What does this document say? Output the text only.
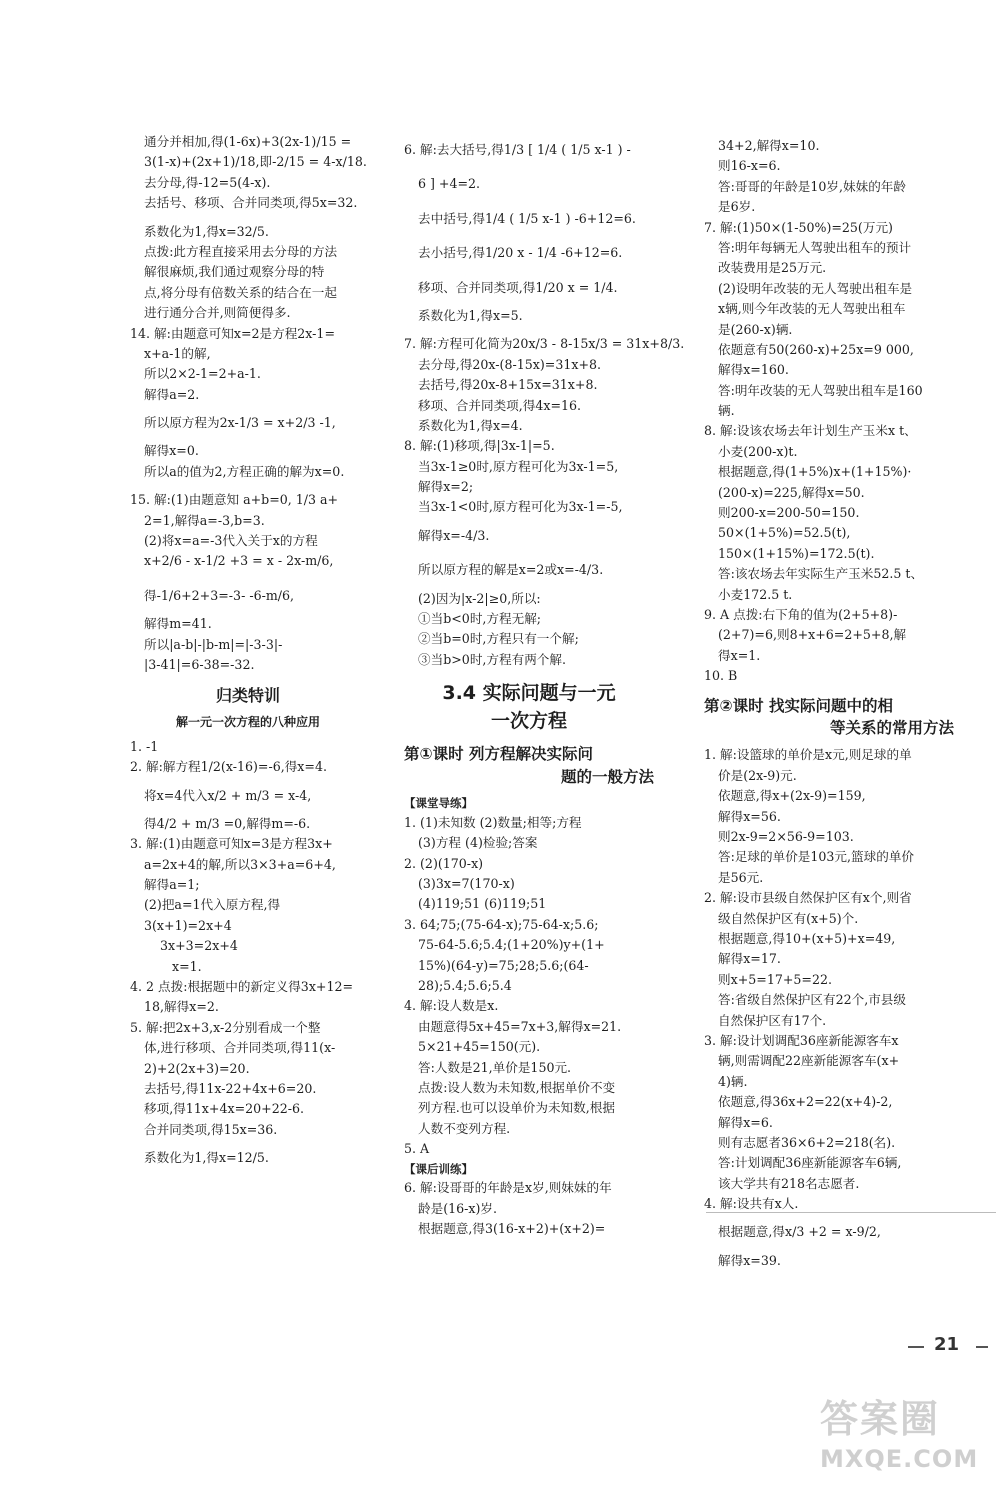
通分并相加,得(1-6x)+3(2x-1)/15 =
3(1-x)+(2x+1)/18,即-2/15 = 4-x/18.
去分母,得-12=5(4-x).
去括号、移项、合并同类项,得5x=32.
系数化为1,得x=32/5.
点拨:此方程直接采用去分母的方法
解很麻烦,我们通过观察分母的特
点,将分母有倍数关系的结合在一起
进行通分合并,则简便得多.
14. 解:由题意可知x=2是方程2x-1=
x+a-1的解,
所以2×2-1=2+a-1.
解得a=2.
所以原方程为2x-1/3 = x+2/3 -1,
解得x=0.
所以a的值为2,方程正确的解为x=0.
15. 解:(1)由题意知 a+b=0, 1/3 a+
2=1,解得a=-3,b=3.
(2)将x=a=-3代入关于x的方程
x+2/6 - x-1/2 +3 = x - 2x-m/6,
得-1/6+2+3=-3- -6-m/6,
解得m=41.
所以|a-b|-|b-m|=|-3-3|-
|3-41|=6-38=-32.
归类特训
解一元一次方程的八种应用
1. -1
2. 解:解方程1/2(x-16)=-6,得x=4.
将x=4代入x/2 + m/3 = x-4,
得4/2 + m/3 =0,解得m=-6.
3. 解:(1)由题意可知x=3是方程3x+
a=2x+4的解,所以3×3+a=6+4,
解得a=1;
(2)把a=1代入原方程,得
3(x+1)=2x+4
3x+3=2x+4
x=1.
4. 2 点拨:根据题中的新定义得3x+12=
18,解得x=2.
5. 解:把2x+3,x-2分别看成一个整
体,进行移项、合并同类项,得11(x-
2)+2(2x+3)=20.
去括号,得11x-22+4x+6=20.
移项,得11x+4x=20+22-6.
合并同类项,得15x=36.
系数化为1,得x=12/5.
6. 解:去大括号,得1/3 [ 1/4 ( 1/5 x-1 ) -
6 ] +4=2.
去中括号,得1/4 ( 1/5 x-1 ) -6+12=6.
去小括号,得1/20 x - 1/4 -6+12=6.
移项、合并同类项,得1/20 x = 1/4.
系数化为1,得x=5.
7. 解:方程可化简为20x/3 - 8-15x/3 = 31x+8/3.
去分母,得20x-(8-15x)=31x+8.
去括号,得20x-8+15x=31x+8.
移项、合并同类项,得4x=16.
系数化为1,得x=4.
8. 解:(1)移项,得|3x-1|=5.
当3x-1≥0时,原方程可化为3x-1=5,
解得x=2;
当3x-1<0时,原方程可化为3x-1=-5,
解得x=-4/3.
所以原方程的解是x=2或x=-4/3.
(2)因为|x-2|≥0,所以:
①当b<0时,方程无解;
②当b=0时,方程只有一个解;
③当b>0时,方程有两个解.
3.4 实际问题与一元
一次方程
第①课时 列方程解决实际问
题的一般方法
【课堂导练】
1. (1)未知数 (2)数量;相等;方程
(3)方程 (4)检验;答案
2. (2)(170-x)
(3)3x=7(170-x)
(4)119;51 (6)119;51
3. 64;75;(75-64-x);75-64-x;5.6;
75-64-5.6;5.4;(1+20%)y+(1+
15%)(64-y)=75;28;5.6;(64-
28);5.4;5.6;5.4
4. 解:设人数是x.
由题意得5x+45=7x+3,解得x=21.
5×21+45=150(元).
答:人数是21,单价是150元.
点拨:设人数为未知数,根据单价不变
列方程.也可以设单价为未知数,根据
人数不变列方程.
5. A
【课后训练】
6. 解:设哥哥的年龄是x岁,则妹妹的年
龄是(16-x)岁.
根据题意,得3(16-x+2)+(x+2)=
34+2,解得x=10.
则16-x=6.
答:哥哥的年龄是10岁,妹妹的年龄
是6岁.
7. 解:(1)50×(1-50%)=25(万元)
答:明年每辆无人驾驶出租车的预计
改装费用是25万元.
(2)设明年改装的无人驾驶出租车是
x辆,则今年改装的无人驾驶出租车
是(260-x)辆.
依题意有50(260-x)+25x=9 000,
解得x=160.
答:明年改装的无人驾驶出租车是160
辆.
8. 解:设该农场去年计划生产玉米x t、
小麦(200-x)t.
根据题意,得(1+5%)x+(1+15%)·
(200-x)=225,解得x=50.
则200-x=200-50=150.
50×(1+5%)=52.5(t),
150×(1+15%)=172.5(t).
答:该农场去年实际生产玉米52.5 t、
小麦172.5 t.
9. A 点拨:右下角的值为(2+5+8)-
(2+7)=6,则8+x+6=2+5+8,解
得x=1.
10. B
第②课时 找实际问题中的相
等关系的常用方法
1. 解:设篮球的单价是x元,则足球的单
价是(2x-9)元.
依题意,得x+(2x-9)=159,
解得x=56.
则2x-9=2×56-9=103.
答:足球的单价是103元,篮球的单价
是56元.
2. 解:设市县级自然保护区有x个,则省
级自然保护区有(x+5)个.
根据题意,得10+(x+5)+x=49,
解得x=17.
则x+5=17+5=22.
答:省级自然保护区有22个,市县级
自然保护区有17个.
3. 解:设计划调配36座新能源客车x
辆,则需调配22座新能源客车(x+
4)辆.
依题意,得36x+2=22(x+4)-2,
解得x=6.
则有志愿者36×6+2=218(名).
答:计划调配36座新能源客车6辆,
该大学共有218名志愿者.
4. 解:设共有x人.
根据题意,得x/3 +2 = x-9/2,
解得x=39.
21
答案圈
MXQE.COM
